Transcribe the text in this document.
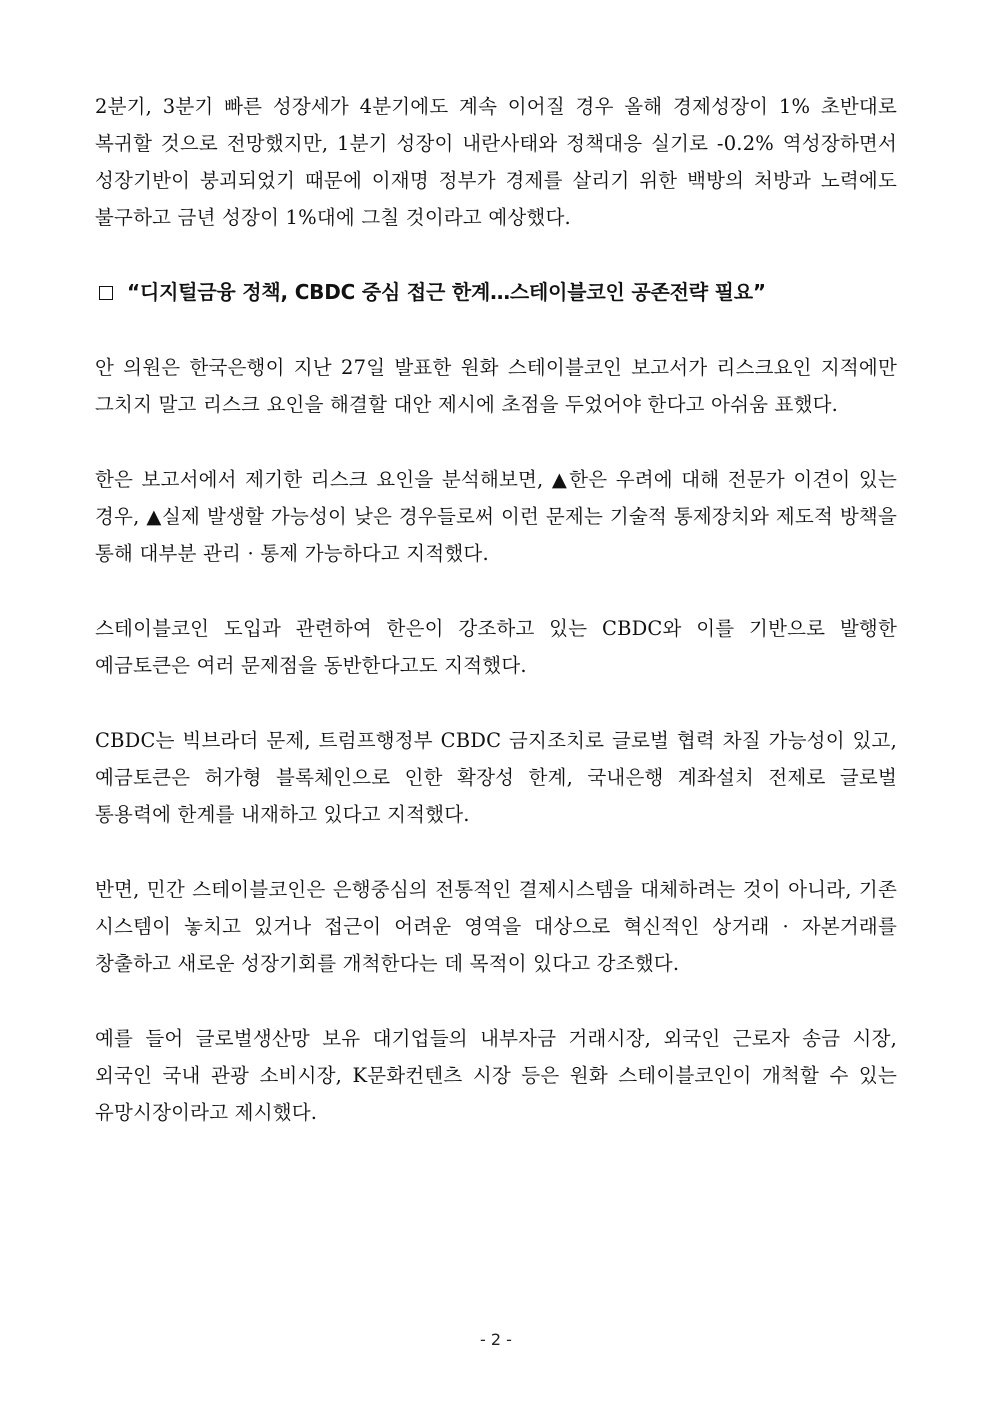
2분기, 3분기 빠른 성장세가 4분기에도 계속 이어질 경우 올해 경제성장이 1% 초반대로 복귀할 것으로 전망했지만, 1분기 성장이 내란사태와 정책대응 실기로 -0.2% 역성장하면서 성장기반이 붕괴되었기 때문에 이재명 정부가 경제를 살리기 위한 백방의 처방과 노력에도 불구하고 금년 성장이 1%대에 그칠 것이라고 예상했다.

“디지털금융 정책, CBDC 중심 접근 한계…스테이블코인 공존전략 필요”

안 의원은 한국은행이 지난 27일 발표한 원화 스테이블코인 보고서가 리스크요인 지적에만 그치지 말고 리스크 요인을 해결할 대안 제시에 초점을 두었어야 한다고 아쉬움 표했다.

한은 보고서에서 제기한 리스크 요인을 분석해보면, ▲한은 우려에 대해 전문가 이견이 있는 경우, ▲실제 발생할 가능성이 낮은 경우들로써 이런 문제는 기술적 통제장치와 제도적 방책을 통해 대부분 관리 · 통제 가능하다고 지적했다.

스테이블코인 도입과 관련하여 한은이 강조하고 있는 CBDC와 이를 기반으로 발행한 예금토큰은 여러 문제점을 동반한다고도 지적했다.

CBDC는 빅브라더 문제, 트럼프행정부 CBDC 금지조치로 글로벌 협력 차질 가능성이 있고, 예금토큰은 허가형 블록체인으로 인한 확장성 한계, 국내은행 계좌설치 전제로 글로벌 통용력에 한계를 내재하고 있다고 지적했다.

반면, 민간 스테이블코인은 은행중심의 전통적인 결제시스템을 대체하려는 것이 아니라, 기존 시스템이 놓치고 있거나 접근이 어려운 영역을 대상으로 혁신적인 상거래 · 자본거래를 창출하고 새로운 성장기회를 개척한다는 데 목적이 있다고 강조했다.

예를 들어 글로벌생산망 보유 대기업들의 내부자금 거래시장, 외국인 근로자 송금 시장, 외국인 국내 관광 소비시장, K문화컨텐츠 시장 등은 원화 스테이블코인이 개척할 수 있는 유망시장이라고 제시했다.

- 2 -
